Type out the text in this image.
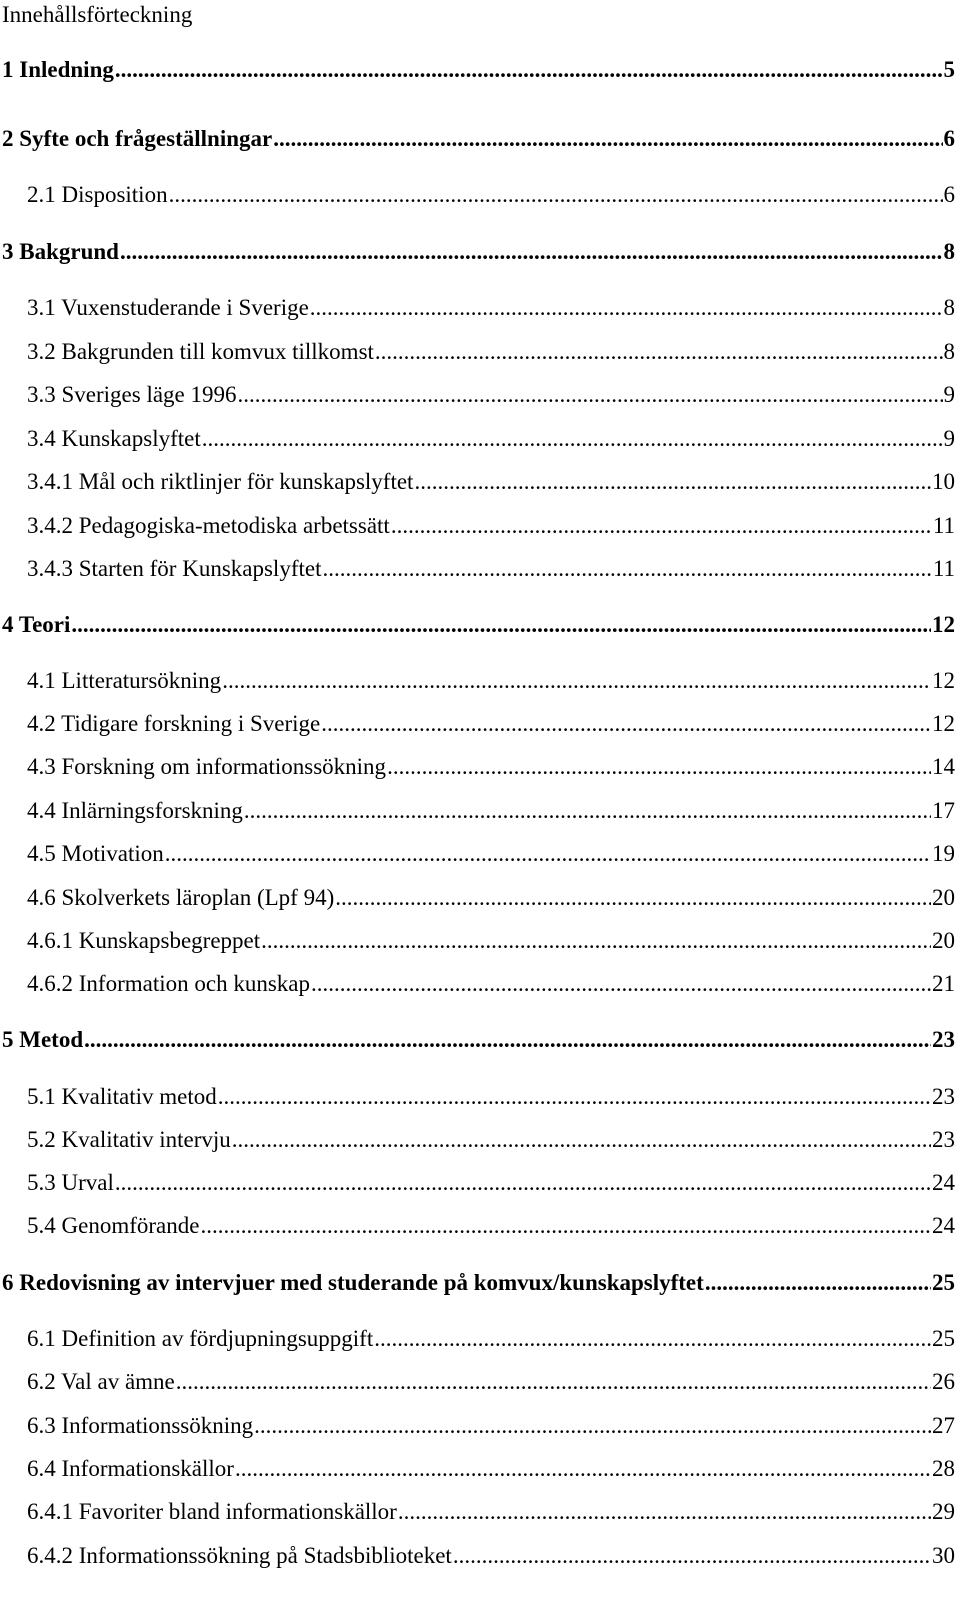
Innehållsförteckning
1 Inledning .....	5
2 Syfte och frågeställningar .....	6
2.1 Disposition .....	6
3 Bakgrund .....	8
3.1 Vuxenstuderande i Sverige .....	8
3.2 Bakgrunden till komvux tillkomst .....	8
3.3 Sveriges läge 1996 .....	9
3.4 Kunskapslyftet .....	9
3.4.1 Mål och riktlinjer för kunskapslyftet .....	10
3.4.2 Pedagogiska-metodiska arbetssätt .....	11
3.4.3 Starten för Kunskapslyftet .....	11
4 Teori .....	12
4.1 Litteratursökning .....	12
4.2 Tidigare forskning i Sverige .....	12
4.3 Forskning om informationssökning .....	14
4.4 Inlärningsforskning .....	17
4.5 Motivation .....	19
4.6 Skolverkets läroplan (Lpf 94) .....	20
4.6.1 Kunskapsbegreppet .....	20
4.6.2 Information och kunskap .....	21
5 Metod .....	23
5.1 Kvalitativ metod .....	23
5.2 Kvalitativ intervju .....	23
5.3 Urval .....	24
5.4 Genomförande .....	24
6 Redovisning av intervjuer med studerande på komvux/kunskapslyftet .....	25
6.1 Definition av fördjupningsuppgift .....	25
6.2 Val av ämne .....	26
6.3 Informationssökning .....	27
6.4 Informationskällor .....	28
6.4.1 Favoriter bland informationskällor .....	29
6.4.2 Informationssökning på Stadsbiblioteket .....	30
